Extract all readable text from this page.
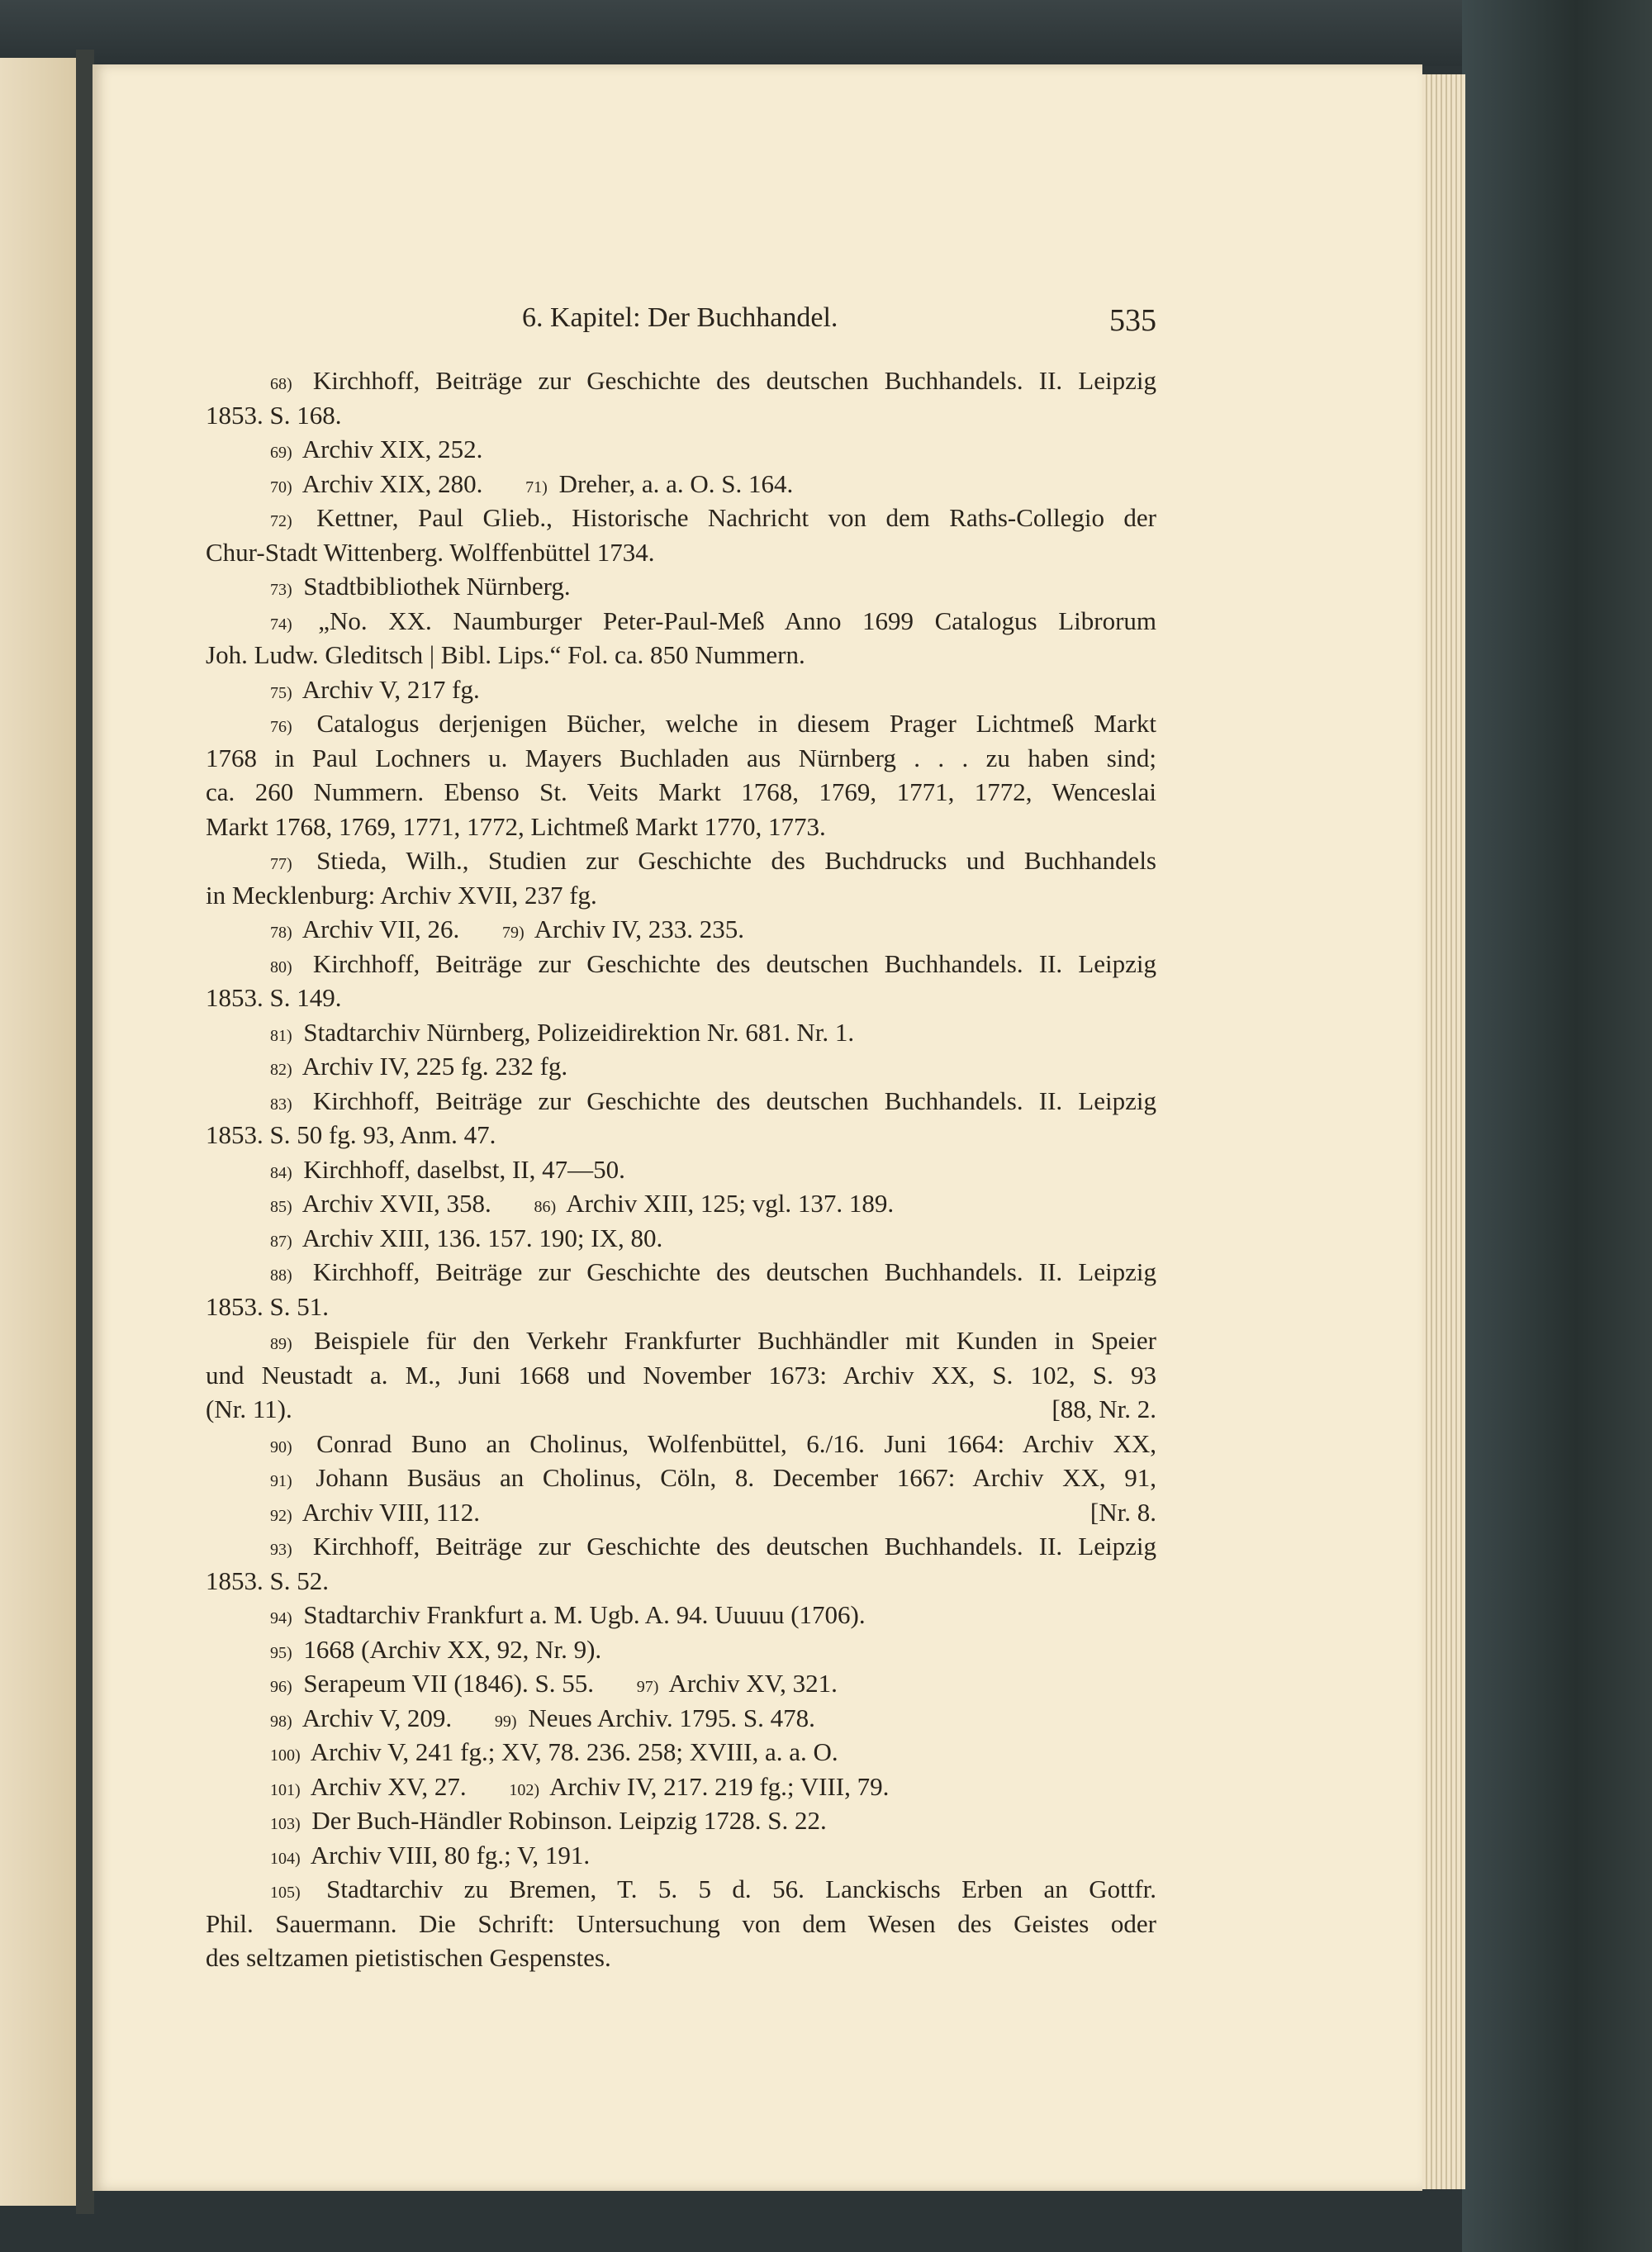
6. Kapitel: Der Buchhandel.	535
68) Kirchhoff, Beiträge zur Geschichte des deutschen Buchhandels. II. Leipzig
1853. S. 168.
69) Archiv XIX, 252.
70) Archiv XIX, 280.	71) Dreher, a. a. O. S. 164.
72) Kettner, Paul Glieb., Historische Nachricht von dem Raths-Collegio der
Chur-Stadt Wittenberg. Wolffenbüttel 1734.
73) Stadtbibliothek Nürnberg.
74) „No. XX. Naumburger Peter-Paul-Meß Anno 1699 Catalogus Librorum
Joh. Ludw. Gleditsch | Bibl. Lips.“ Fol. ca. 850 Nummern.
75) Archiv V, 217 fg.
76) Catalogus derjenigen Bücher, welche in diesem Prager Lichtmeß Markt
1768 in Paul Lochners u. Mayers Buchladen aus Nürnberg . . . zu haben sind;
ca. 260 Nummern. Ebenso St. Veits Markt 1768, 1769, 1771, 1772, Wenceslai
Markt 1768, 1769, 1771, 1772, Lichtmeß Markt 1770, 1773.
77) Stieda, Wilh., Studien zur Geschichte des Buchdrucks und Buchhandels
in Mecklenburg: Archiv XVII, 237 fg.
78) Archiv VII, 26.	79) Archiv IV, 233. 235.
80) Kirchhoff, Beiträge zur Geschichte des deutschen Buchhandels. II. Leipzig
1853. S. 149.
81) Stadtarchiv Nürnberg, Polizeidirektion Nr. 681. Nr. 1.
82) Archiv IV, 225 fg. 232 fg.
83) Kirchhoff, Beiträge zur Geschichte des deutschen Buchhandels. II. Leipzig
1853. S. 50 fg. 93, Anm. 47.
84) Kirchhoff, daselbst, II, 47—50.
85) Archiv XVII, 358.	86) Archiv XIII, 125; vgl. 137. 189.
87) Archiv XIII, 136. 157. 190; IX, 80.
88) Kirchhoff, Beiträge zur Geschichte des deutschen Buchhandels. II. Leipzig
1853. S. 51.
89) Beispiele für den Verkehr Frankfurter Buchhändler mit Kunden in Speier
und Neustadt a. M., Juni 1668 und November 1673: Archiv XX, S. 102, S. 93
(Nr. 11).	[88, Nr. 2.
90) Conrad Buno an Cholinus, Wolfenbüttel, 6./16. Juni 1664: Archiv XX,
91) Johann Busäus an Cholinus, Cöln, 8. December 1667: Archiv XX, 91,
92) Archiv VIII, 112.	[Nr. 8.
93) Kirchhoff, Beiträge zur Geschichte des deutschen Buchhandels. II. Leipzig
1853. S. 52.
94) Stadtarchiv Frankfurt a. M. Ugb. A. 94. Uuuuu (1706).
95) 1668 (Archiv XX, 92, Nr. 9).
96) Serapeum VII (1846). S. 55.	97) Archiv XV, 321.
98) Archiv V, 209.	99) Neues Archiv. 1795. S. 478.
100) Archiv V, 241 fg.; XV, 78. 236. 258; XVIII, a. a. O.
101) Archiv XV, 27.	102) Archiv IV, 217. 219 fg.; VIII, 79.
103) Der Buch-Händler Robinson. Leipzig 1728. S. 22.
104) Archiv VIII, 80 fg.; V, 191.
105) Stadtarchiv zu Bremen, T. 5. 5 d. 56. Lanckischs Erben an Gottfr.
Phil. Sauermann. Die Schrift: Untersuchung von dem Wesen des Geistes oder
des seltzamen pietistischen Gespenstes.
